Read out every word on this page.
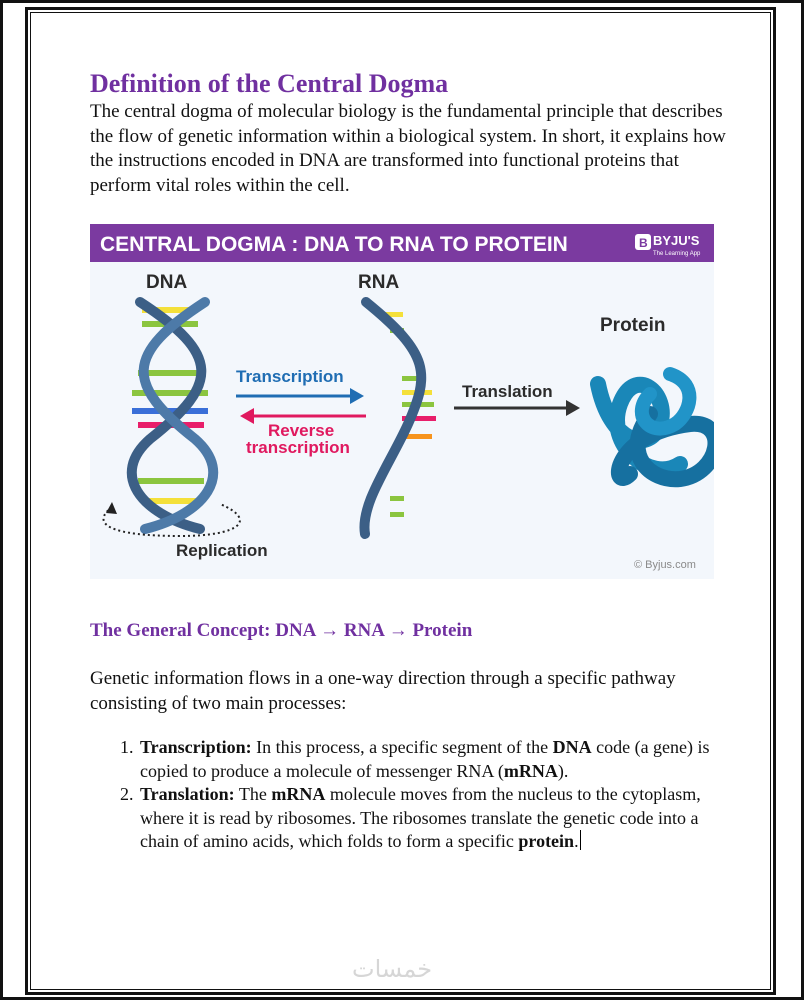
Definition of the Central Dogma

The central dogma of molecular biology is the fundamental principle that describes the flow of genetic information within a biological system. In short, it explains how the instructions encoded in DNA are transformed into functional proteins that perform vital roles within the cell.

CENTRAL DOGMA : DNA TO RNA TO PROTEIN	B BYJU'S
The Learning App
DNA	RNA
Protein
Replication
Transcription
Reverse
transcription
Translation
© Byjus.com
The General Concept: DNA → RNA → Protein

Genetic information flows in a one-way direction through a specific pathway consisting of two main processes:

1. Transcription: In this process, a specific segment of the DNA code (a gene) is copied to produce a molecule of messenger RNA (mRNA).
2. Translation: The mRNA molecule moves from the nucleus to the cytoplasm, where it is read by ribosomes. The ribosomes translate the genetic code into a chain of amino acids, which folds to form a specific protein.
خمسات
